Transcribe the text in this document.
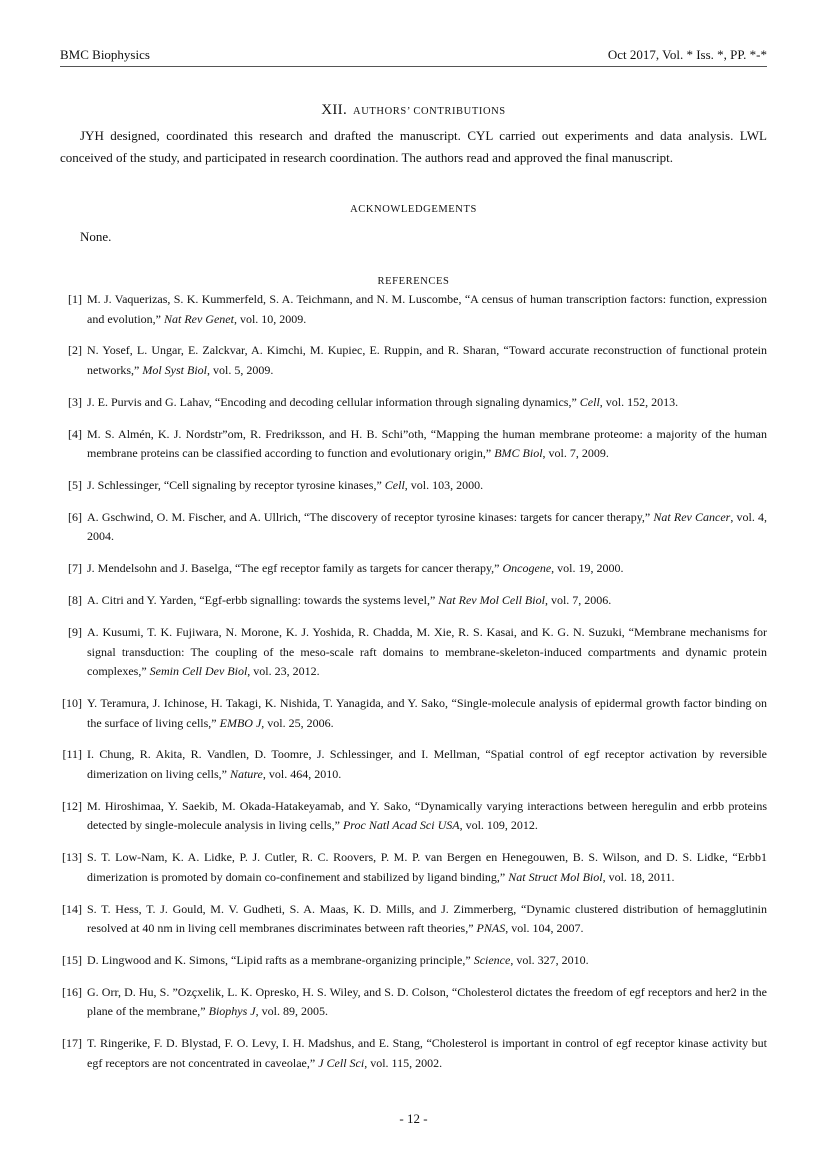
BMC Biophysics	Oct 2017, Vol. * Iss. *, PP. *-*
XII. AUTHORS’ CONTRIBUTIONS

JYH designed, coordinated this research and drafted the manuscript. CYL carried out experiments and data analysis. LWL conceived of the study, and participated in research coordination. The authors read and approved the final manuscript.

ACKNOWLEDGEMENTS

None.

REFERENCES
[1] M. J. Vaquerizas, S. K. Kummerfeld, S. A. Teichmann, and N. M. Luscombe, “A census of human transcription factors: function, expression and evolution,” Nat Rev Genet, vol. 10, 2009.
[2] N. Yosef, L. Ungar, E. Zalckvar, A. Kimchi, M. Kupiec, E. Ruppin, and R. Sharan, “Toward accurate reconstruction of functional protein networks,” Mol Syst Biol, vol. 5, 2009.
[3] J. E. Purvis and G. Lahav, “Encoding and decoding cellular information through signaling dynamics,” Cell, vol. 152, 2013.
[4] M. S. Almén, K. J. Nordstr”om, R. Fredriksson, and H. B. Schi”oth, “Mapping the human membrane proteome: a majority of the human membrane proteins can be classified according to function and evolutionary origin,” BMC Biol, vol. 7, 2009.
[5] J. Schlessinger, “Cell signaling by receptor tyrosine kinases,” Cell, vol. 103, 2000.
[6] A. Gschwind, O. M. Fischer, and A. Ullrich, “The discovery of receptor tyrosine kinases: targets for cancer therapy,” Nat Rev Cancer, vol. 4, 2004.
[7] J. Mendelsohn and J. Baselga, “The egf receptor family as targets for cancer therapy,” Oncogene, vol. 19, 2000.
[8] A. Citri and Y. Yarden, “Egf-erbb signalling: towards the systems level,” Nat Rev Mol Cell Biol, vol. 7, 2006.
[9] A. Kusumi, T. K. Fujiwara, N. Morone, K. J. Yoshida, R. Chadda, M. Xie, R. S. Kasai, and K. G. N. Suzuki, “Membrane mechanisms for signal transduction: The coupling of the meso-scale raft domains to membrane-skeleton-induced compartments and dynamic protein complexes,” Semin Cell Dev Biol, vol. 23, 2012.
[10] Y. Teramura, J. Ichinose, H. Takagi, K. Nishida, T. Yanagida, and Y. Sako, “Single-molecule analysis of epidermal growth factor binding on the surface of living cells,” EMBO J, vol. 25, 2006.
[11] I. Chung, R. Akita, R. Vandlen, D. Toomre, J. Schlessinger, and I. Mellman, “Spatial control of egf receptor activation by reversible dimerization on living cells,” Nature, vol. 464, 2010.
[12] M. Hiroshimaa, Y. Saekib, M. Okada-Hatakeyamab, and Y. Sako, “Dynamically varying interactions between heregulin and erbb proteins detected by single-molecule analysis in living cells,” Proc Natl Acad Sci USA, vol. 109, 2012.
[13] S. T. Low-Nam, K. A. Lidke, P. J. Cutler, R. C. Roovers, P. M. P. van Bergen en Henegouwen, B. S. Wilson, and D. S. Lidke, “Erbb1 dimerization is promoted by domain co-confinement and stabilized by ligand binding,” Nat Struct Mol Biol, vol. 18, 2011.
[14] S. T. Hess, T. J. Gould, M. V. Gudheti, S. A. Maas, K. D. Mills, and J. Zimmerberg, “Dynamic clustered distribution of hemagglutinin resolved at 40 nm in living cell membranes discriminates between raft theories,” PNAS, vol. 104, 2007.
[15] D. Lingwood and K. Simons, “Lipid rafts as a membrane-organizing principle,” Science, vol. 327, 2010.
[16] G. Orr, D. Hu, S. ”Ozçxelik, L. K. Opresko, H. S. Wiley, and S. D. Colson, “Cholesterol dictates the freedom of egf receptors and her2 in the plane of the membrane,” Biophys J, vol. 89, 2005.
[17] T. Ringerike, F. D. Blystad, F. O. Levy, I. H. Madshus, and E. Stang, “Cholesterol is important in control of egf receptor kinase activity but egf receptors are not concentrated in caveolae,” J Cell Sci, vol. 115, 2002.
- 12 -
